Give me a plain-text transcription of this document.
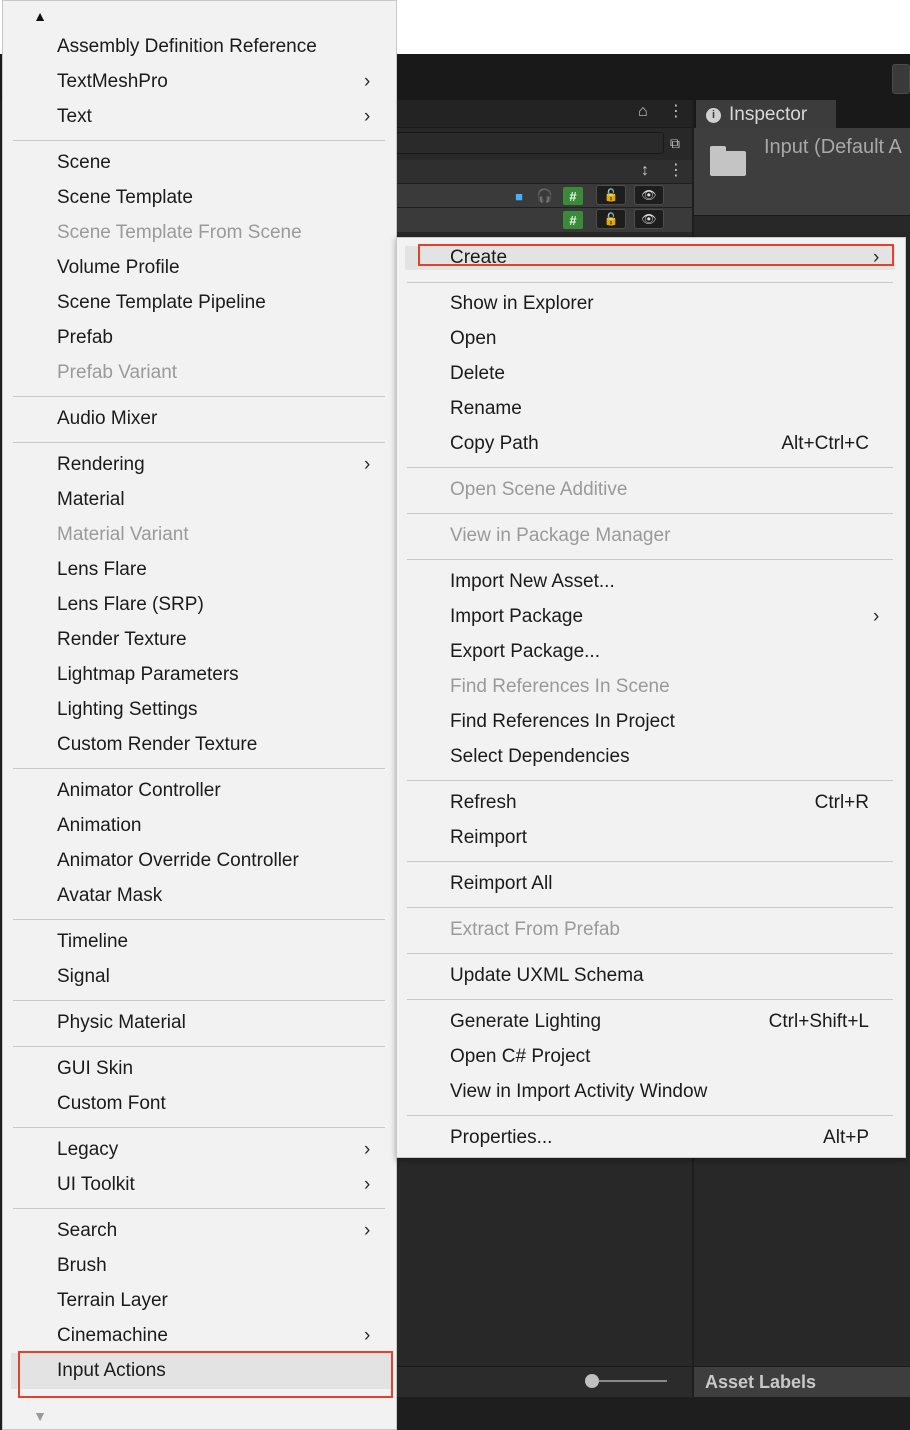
⌂ ⋮
⧉
↕ ⋮
■	🎧	#	🔓	👁
#	🔓	👁
i Inspector
Input (Default A
Asset Labels
▲
▼
Assembly Definition Reference
TextMeshPro	›
Text	›
Scene
Scene Template
Scene Template From Scene
Volume Profile
Scene Template Pipeline
Prefab
Prefab Variant
Audio Mixer
Rendering	›
Material
Material Variant
Lens Flare
Lens Flare (SRP)
Render Texture
Lightmap Parameters
Lighting Settings
Custom Render Texture
Animator Controller
Animation
Animator Override Controller
Avatar Mask
Timeline
Signal
Physic Material
GUI Skin
Custom Font
Legacy	›
UI Toolkit	›
Search	›
Brush
Terrain Layer
Cinemachine	›
Input Actions
Create	›
Show in Explorer
Open
Delete
Rename
Copy Path	Alt+Ctrl+C
Open Scene Additive
View in Package Manager
Import New Asset...
Import Package	›
Export Package...
Find References In Scene
Find References In Project
Select Dependencies
Refresh	Ctrl+R
Reimport
Reimport All
Extract From Prefab
Update UXML Schema
Generate Lighting	Ctrl+Shift+L
Open C# Project
View in Import Activity Window
Properties...	Alt+P
